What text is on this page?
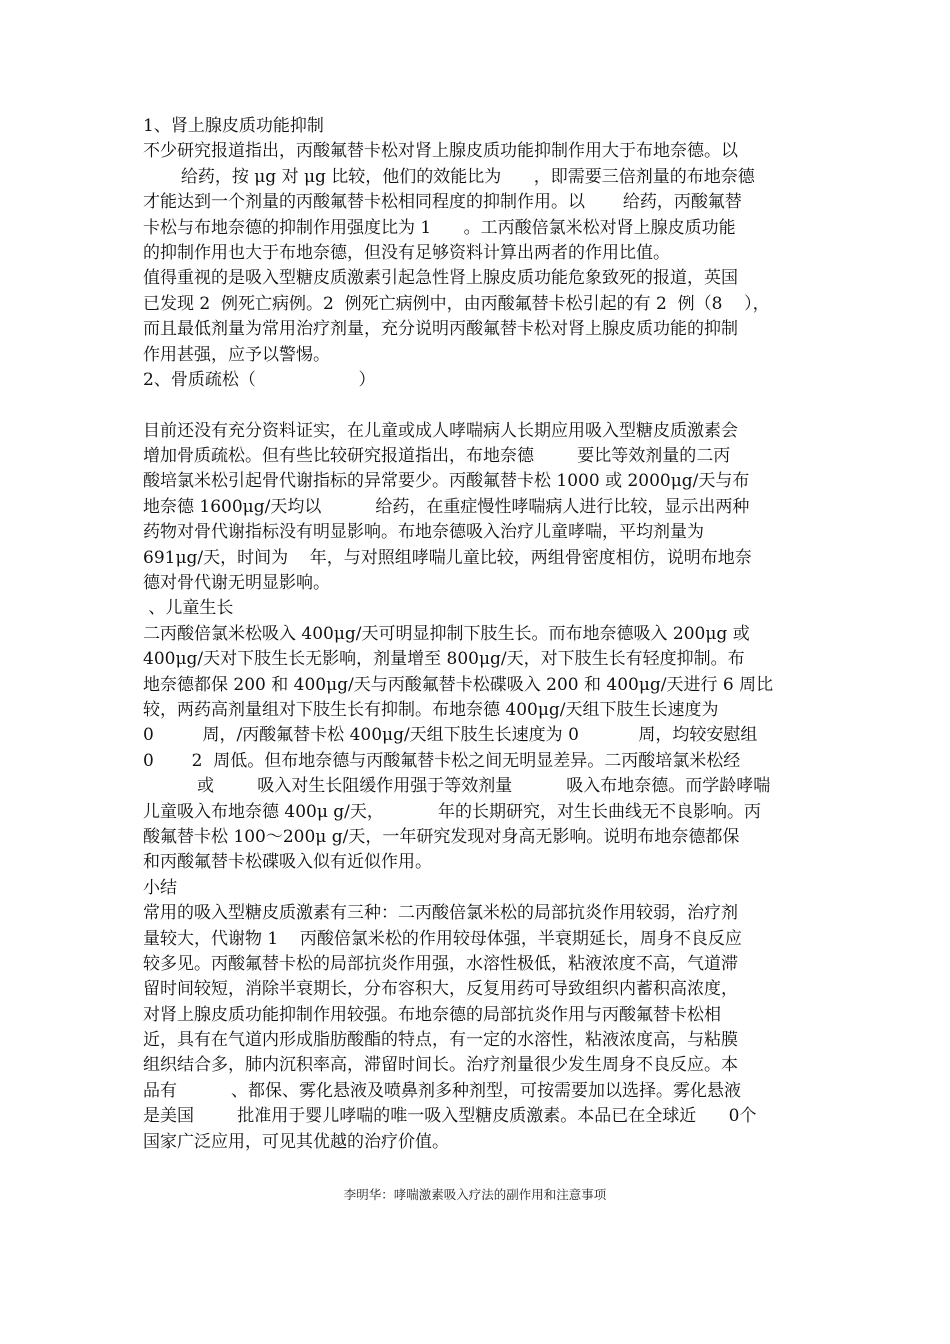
1、肾上腺皮质功能抑制
不少研究报道指出，丙酸氟替卡松对肾上腺皮质功能抑制作用大于布地奈德。以
给药，按 μg 对 μg 比较，他们的效能比为      ，即需要三倍剂量的布地奈德
才能达到一个剂量的丙酸氟替卡松相同程度的抑制作用。以       给药，丙酸氟替
卡松与布地奈德的抑制作用强度比为 1      。工丙酸倍氯米松对肾上腺皮质功能
的抑制作用也大于布地奈德，但没有足够资料计算出两者的作用比值。
值得重视的是吸入型糖皮质激素引起急性肾上腺皮质功能危象致死的报道，英国
已发现 2  例死亡病例。2  例死亡病例中，由丙酸氟替卡松引起的有 2  例（8    ），
而且最低剂量为常用治疗剂量，充分说明丙酸氟替卡松对肾上腺皮质功能的抑制
作用甚强，应予以警惕。
2、骨质疏松（                   ）
目前还没有充分资料证实，在儿童或成人哮喘病人长期应用吸入型糖皮质激素会
增加骨质疏松。但有些比较研究报道指出，布地奈德        要比等效剂量的二丙
酸培氯米松引起骨代谢指标的异常要少。丙酸氟替卡松 1000 或 2000μg/天与布
地奈德 1600μg/天均以          给药，在重症慢性哮喘病人进行比较，显示出两种
药物对骨代谢指标没有明显影响。布地奈德吸入治疗儿童哮喘，平均剂量为
691μg/天，时间为    年，与对照组哮喘儿童比较，两组骨密度相仿，说明布地奈
德对骨代谢无明显影响。
、儿童生长
二丙酸倍氯米松吸入 400μg/天可明显抑制下肢生长。而布地奈德吸入 200μg 或
400μg/天对下肢生长无影响，剂量增至 800μg/天，对下肢生长有轻度抑制。布
地奈德都保 200 和 400μg/天与丙酸氟替卡松碟吸入 200 和 400μg/天进行 6 周比
较，两药高剂量组对下肢生长有抑制。布地奈德 400μg/天组下肢生长速度为
0         周，/丙酸氟替卡松 400μg/天组下肢生长速度为 0           周，均较安慰组
0       2  周低。但布地奈德与丙酸氟替卡松之间无明显差异。二丙酸培氯米松经
或        吸入对生长阻缓作用强于等效剂量          吸入布地奈德。而学龄哮喘
儿童吸入布地奈德 400μ g/天，          年的长期研究，对生长曲线无不良影响。丙
酸氟替卡松 100～200μ g/天，一年研究发现对身高无影响。说明布地奈德都保
和丙酸氟替卡松碟吸入似有近似作用。
小结
常用的吸入型糖皮质激素有三种：二丙酸倍氯米松的局部抗炎作用较弱，治疗剂
量较大，代谢物 1    丙酸倍氯米松的作用较母体强，半衰期延长，周身不良反应
较多见。丙酸氟替卡松的局部抗炎作用强，水溶性极低，粘液浓度不高，气道滞
留时间较短，消除半衰期长，分布容积大，反复用药可导致组织内蓄积高浓度，
对肾上腺皮质功能抑制作用较强。布地奈德的局部抗炎作用与丙酸氟替卡松相
近，具有在气道内形成脂肪酸酯的特点，有一定的水溶性，粘液浓度高，与粘膜
组织结合多，肺内沉积率高，滞留时间长。治疗剂量很少发生周身不良反应。本
品有          、都保、雾化悬液及喷鼻剂多种剂型，可按需要加以选择。雾化悬液
是美国        批准用于婴儿哮喘的唯一吸入型糖皮质激素。本品已在全球近      0个
国家广泛应用，可见其优越的治疗价值。
李明华：哮喘激素吸入疗法的副作用和注意事项
